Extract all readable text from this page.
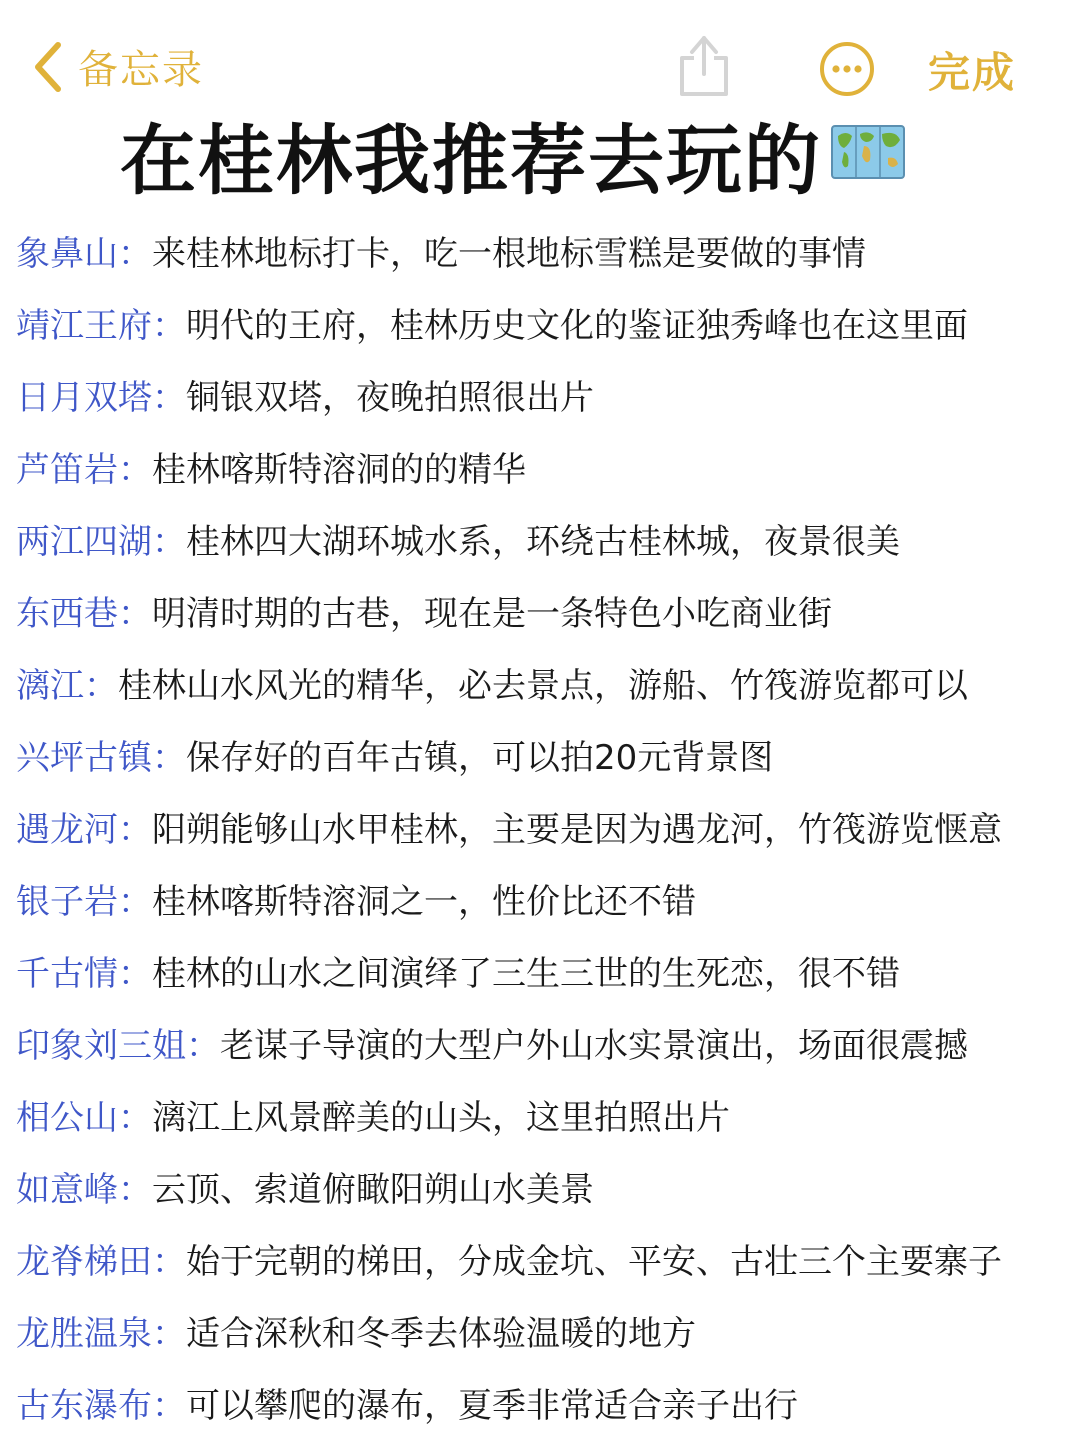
备忘录	完成
在桂林我推荐去玩的
象鼻山 ： 来桂林地标打卡，吃一根地标雪糕是要做的事情
靖江王府 ： 明代的王府，桂林历史文化的鉴证独秀峰也在这里面
日月双塔 ： 铜银双塔，夜晚拍照很出片
芦笛岩 ： 桂林喀斯特溶洞的的精华
两江四湖 ： 桂林四大湖环城水系，环绕古桂林城，夜景很美
东西巷 ： 明清时期的古巷，现在是一条特色小吃商业街
漓江 ： 桂林山水风光的精华，必去景点，游船、竹筏游览都可以
兴坪古镇 ： 保存好的百年古镇，可以拍20元背景图
遇龙河 ： 阳朔能够山水甲桂林，主要是因为遇龙河，竹筏游览惬意
银子岩 ： 桂林喀斯特溶洞之一，性价比还不错
千古情 ： 桂林的山水之间演绎了三生三世的生死恋，很不错
印象刘三姐 ： 老谋子导演的大型户外山水实景演出，场面很震撼
相公山 ： 漓江上风景醉美的山头，这里拍照出片
如意峰 ： 云顶、索道俯瞰阳朔山水美景
龙脊梯田 ： 始于完朝的梯田，分成金坑、平安、古壮三个主要寨子
龙胜温泉 ： 适合深秋和冬季去体验温暖的地方
古东瀑布 ： 可以攀爬的瀑布，夏季非常适合亲子出行
